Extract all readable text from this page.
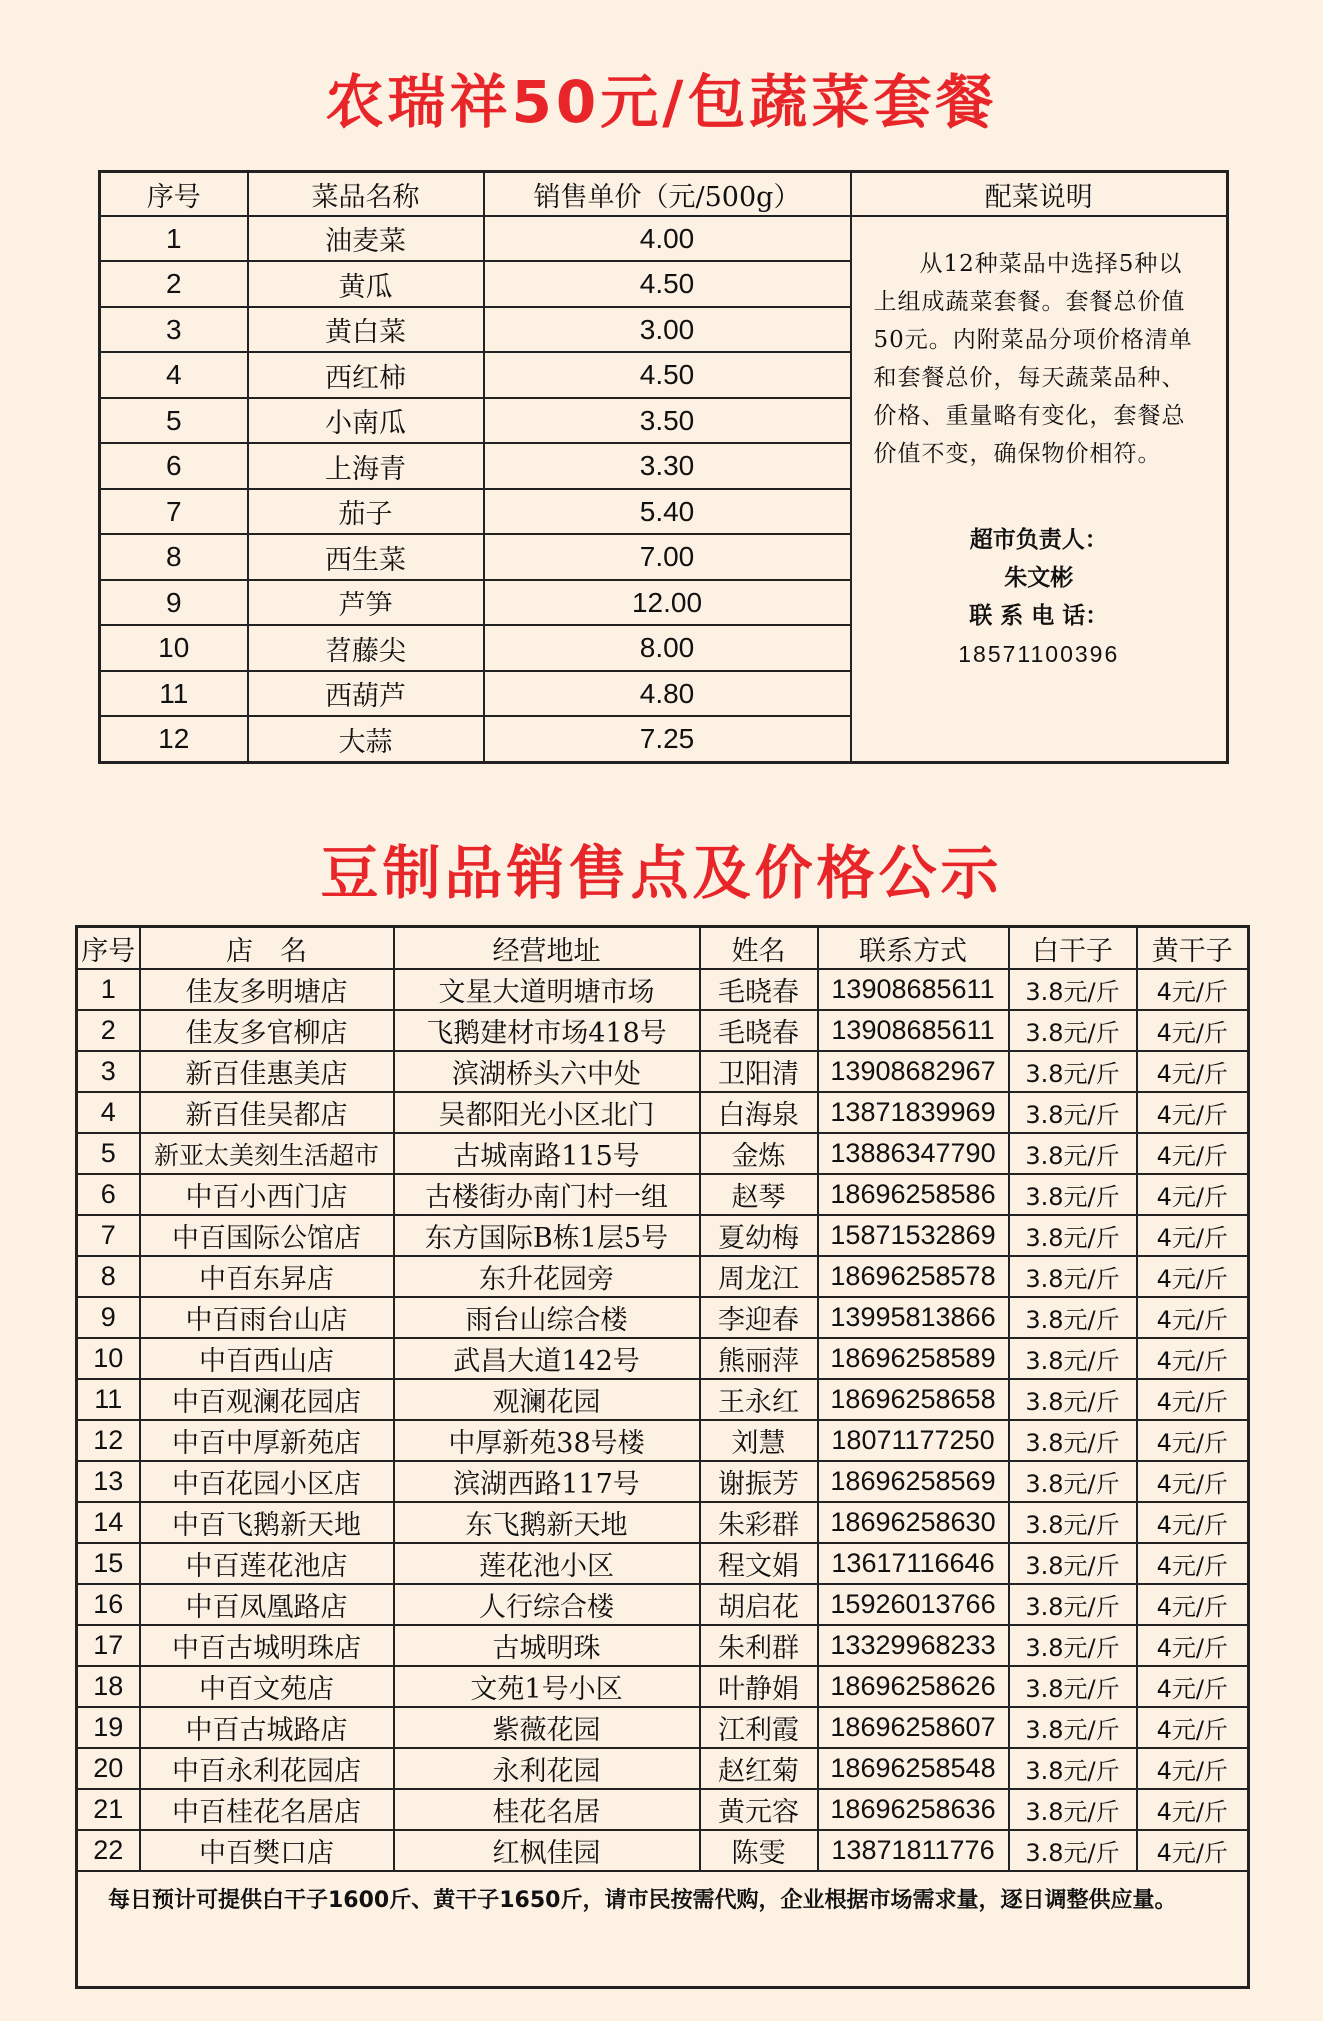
农瑞祥50元/包蔬菜套餐
序号	菜品名称	销售单价（元/500g）	配菜说明
1	油麦菜	4.00	从12种菜品中选择5种以上组成蔬菜套餐。套餐总价值50元。内附菜品分项价格清单和套餐总价，每天蔬菜品种、价格、重量略有变化，套餐总价值不变，确保物价相符。

超市负责人：
朱文彬
联 系 电 话：
18571100396

2	黄瓜	4.50	
3	黄白菜	3.00	
4	西红柿	4.50	
5	小南瓜	3.50	
6	上海青	3.30	
7	茄子	5.40	
8	西生菜	7.00	
9	芦笋	12.00	
10	苕藤尖	8.00	
11	西葫芦	4.80	
12	大蒜	7.25	
豆制品销售点及价格公示
序号	店　名	经营地址	姓名	联系方式	白干子	黄干子
1	佳友多明塘店	文星大道明塘市场	毛晓春	13908685611	3.8元/斤	4元/斤
2	佳友多官柳店	飞鹅建材市场418号	毛晓春	13908685611	3.8元/斤	4元/斤
3	新百佳惠美店	滨湖桥头六中处	卫阳清	13908682967	3.8元/斤	4元/斤
4	新百佳吴都店	吴都阳光小区北门	白海泉	13871839969	3.8元/斤	4元/斤
5	新亚太美刻生活超市	古城南路115号	金炼	13886347790	3.8元/斤	4元/斤
6	中百小西门店	古楼街办南门村一组	赵琴	18696258586	3.8元/斤	4元/斤
7	中百国际公馆店	东方国际B栋1层5号	夏幼梅	15871532869	3.8元/斤	4元/斤
8	中百东昇店	东升花园旁	周龙江	18696258578	3.8元/斤	4元/斤
9	中百雨台山店	雨台山综合楼	李迎春	13995813866	3.8元/斤	4元/斤
10	中百西山店	武昌大道142号	熊丽萍	18696258589	3.8元/斤	4元/斤
11	中百观澜花园店	观澜花园	王永红	18696258658	3.8元/斤	4元/斤
12	中百中厚新苑店	中厚新苑38号楼	刘慧	18071177250	3.8元/斤	4元/斤
13	中百花园小区店	滨湖西路117号	谢振芳	18696258569	3.8元/斤	4元/斤
14	中百飞鹅新天地	东飞鹅新天地	朱彩群	18696258630	3.8元/斤	4元/斤
15	中百莲花池店	莲花池小区	程文娟	13617116646	3.8元/斤	4元/斤
16	中百凤凰路店	人行综合楼	胡启花	15926013766	3.8元/斤	4元/斤
17	中百古城明珠店	古城明珠	朱利群	13329968233	3.8元/斤	4元/斤
18	中百文苑店	文苑1号小区	叶静娟	18696258626	3.8元/斤	4元/斤
19	中百古城路店	紫薇花园	江利霞	18696258607	3.8元/斤	4元/斤
20	中百永利花园店	永利花园	赵红菊	18696258548	3.8元/斤	4元/斤
21	中百桂花名居店	桂花名居	黄元容	18696258636	3.8元/斤	4元/斤
22	中百樊口店	红枫佳园	陈雯	13871811776	3.8元/斤	4元/斤
每日预计可提供白干子1600斤、黄干子1650斤，请市民按需代购，企业根据市场需求量，逐日调整供应量。						
